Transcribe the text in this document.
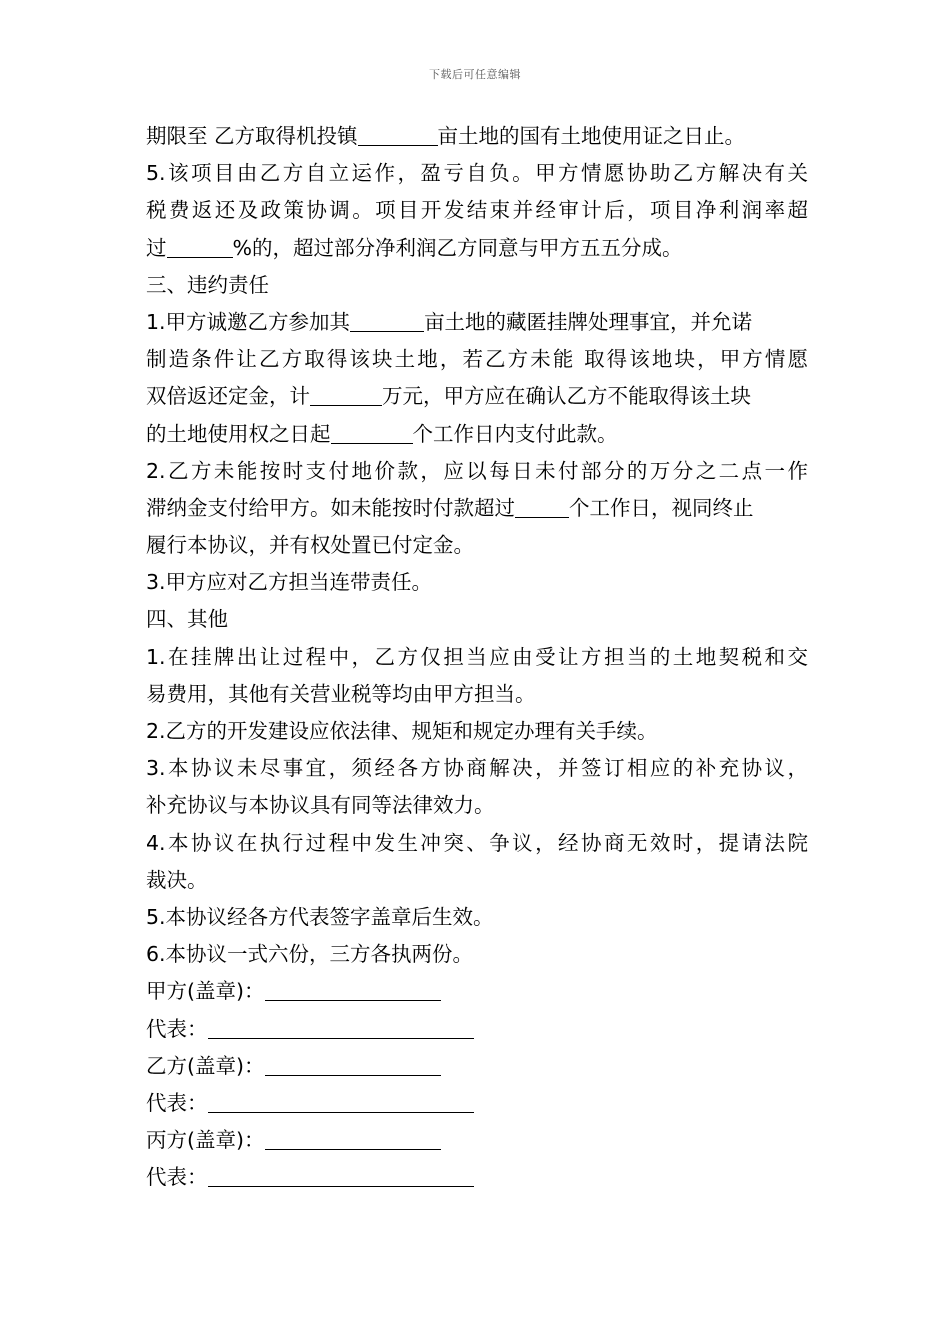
下载后可任意编辑
期限至 乙方取得机投镇	亩土地的国有土地使用证之日止。
5.该项目由乙方自立运作，盈亏自负。甲方情愿协助乙方解决有关
税费返还及政策协调。项目开发结束并经审计后，项目净利润率超
过	%的，超过部分净利润乙方同意与甲方五五分成。
三、违约责任
1.甲方诚邀乙方参加其	亩土地的藏匿挂牌处理事宜，并允诺
制造条件让乙方取得该块土地，若乙方未能 取得该地块，甲方情愿
双倍返还定金，计	万元，甲方应在确认乙方不能取得该土块
的土地使用权之日起	个工作日内支付此款。
2.乙方未能按时支付地价款，应以每日未付部分的万分之二点一作
滞纳金支付给甲方。如未能按时付款超过	个工作日，视同终止
履行本协议，并有权处置已付定金。
3.甲方应对乙方担当连带责任。
四、其他
1.在挂牌出让过程中，乙方仅担当应由受让方担当的土地契税和交
易费用，其他有关营业税等均由甲方担当。
2.乙方的开发建设应依法律、规矩和规定办理有关手续。
3.本协议未尽事宜，须经各方协商解决，并签订相应的补充协议，
补充协议与本协议具有同等法律效力。
4.本协议在执行过程中发生冲突、争议，经协商无效时，提请法院
裁决。
5.本协议经各方代表签字盖章后生效。
6.本协议一式六份，三方各执两份。
甲方(盖章)：
代表：
乙方(盖章)：
代表：
丙方(盖章)：
代表：
